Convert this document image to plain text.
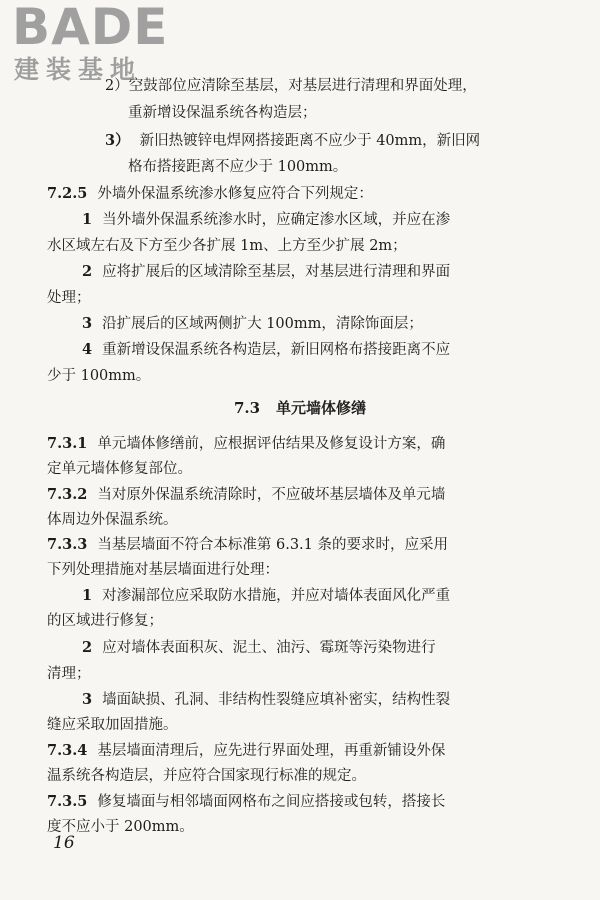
BADE
建装基地
2）空鼓部位应清除至基层，对基层进行清理和界面处理，
重新增设保温系统各构造层；
3） 新旧热镀锌电焊网搭接距离不应少于 40mm，新旧网
格布搭接距离不应少于 100mm。
7.2.5 外墙外保温系统渗水修复应符合下列规定：
1 当外墙外保温系统渗水时，应确定渗水区域，并应在渗
水区域左右及下方至少各扩展 1m、上方至少扩展 2m；
2 应将扩展后的区域清除至基层，对基层进行清理和界面
处理；
3 沿扩展后的区域两侧扩大 100mm，清除饰面层；
4 重新增设保温系统各构造层，新旧网格布搭接距离不应
少于 100mm。
7.3 单元墙体修缮
7.3.1 单元墙体修缮前，应根据评估结果及修复设计方案，确
定单元墙体修复部位。
7.3.2 当对原外保温系统清除时，不应破坏基层墙体及单元墙
体周边外保温系统。
7.3.3 当基层墙面不符合本标准第 6.3.1 条的要求时，应采用
下列处理措施对基层墙面进行处理：
1 对渗漏部位应采取防水措施，并应对墙体表面风化严重
的区域进行修复；
2 应对墙体表面积灰、泥土、油污、霉斑等污染物进行
清理；
3 墙面缺损、孔洞、非结构性裂缝应填补密实，结构性裂
缝应采取加固措施。
7.3.4 基层墙面清理后，应先进行界面处理，再重新铺设外保
温系统各构造层，并应符合国家现行标准的规定。
7.3.5 修复墙面与相邻墙面网格布之间应搭接或包转，搭接长
度不应小于 200mm。
16
